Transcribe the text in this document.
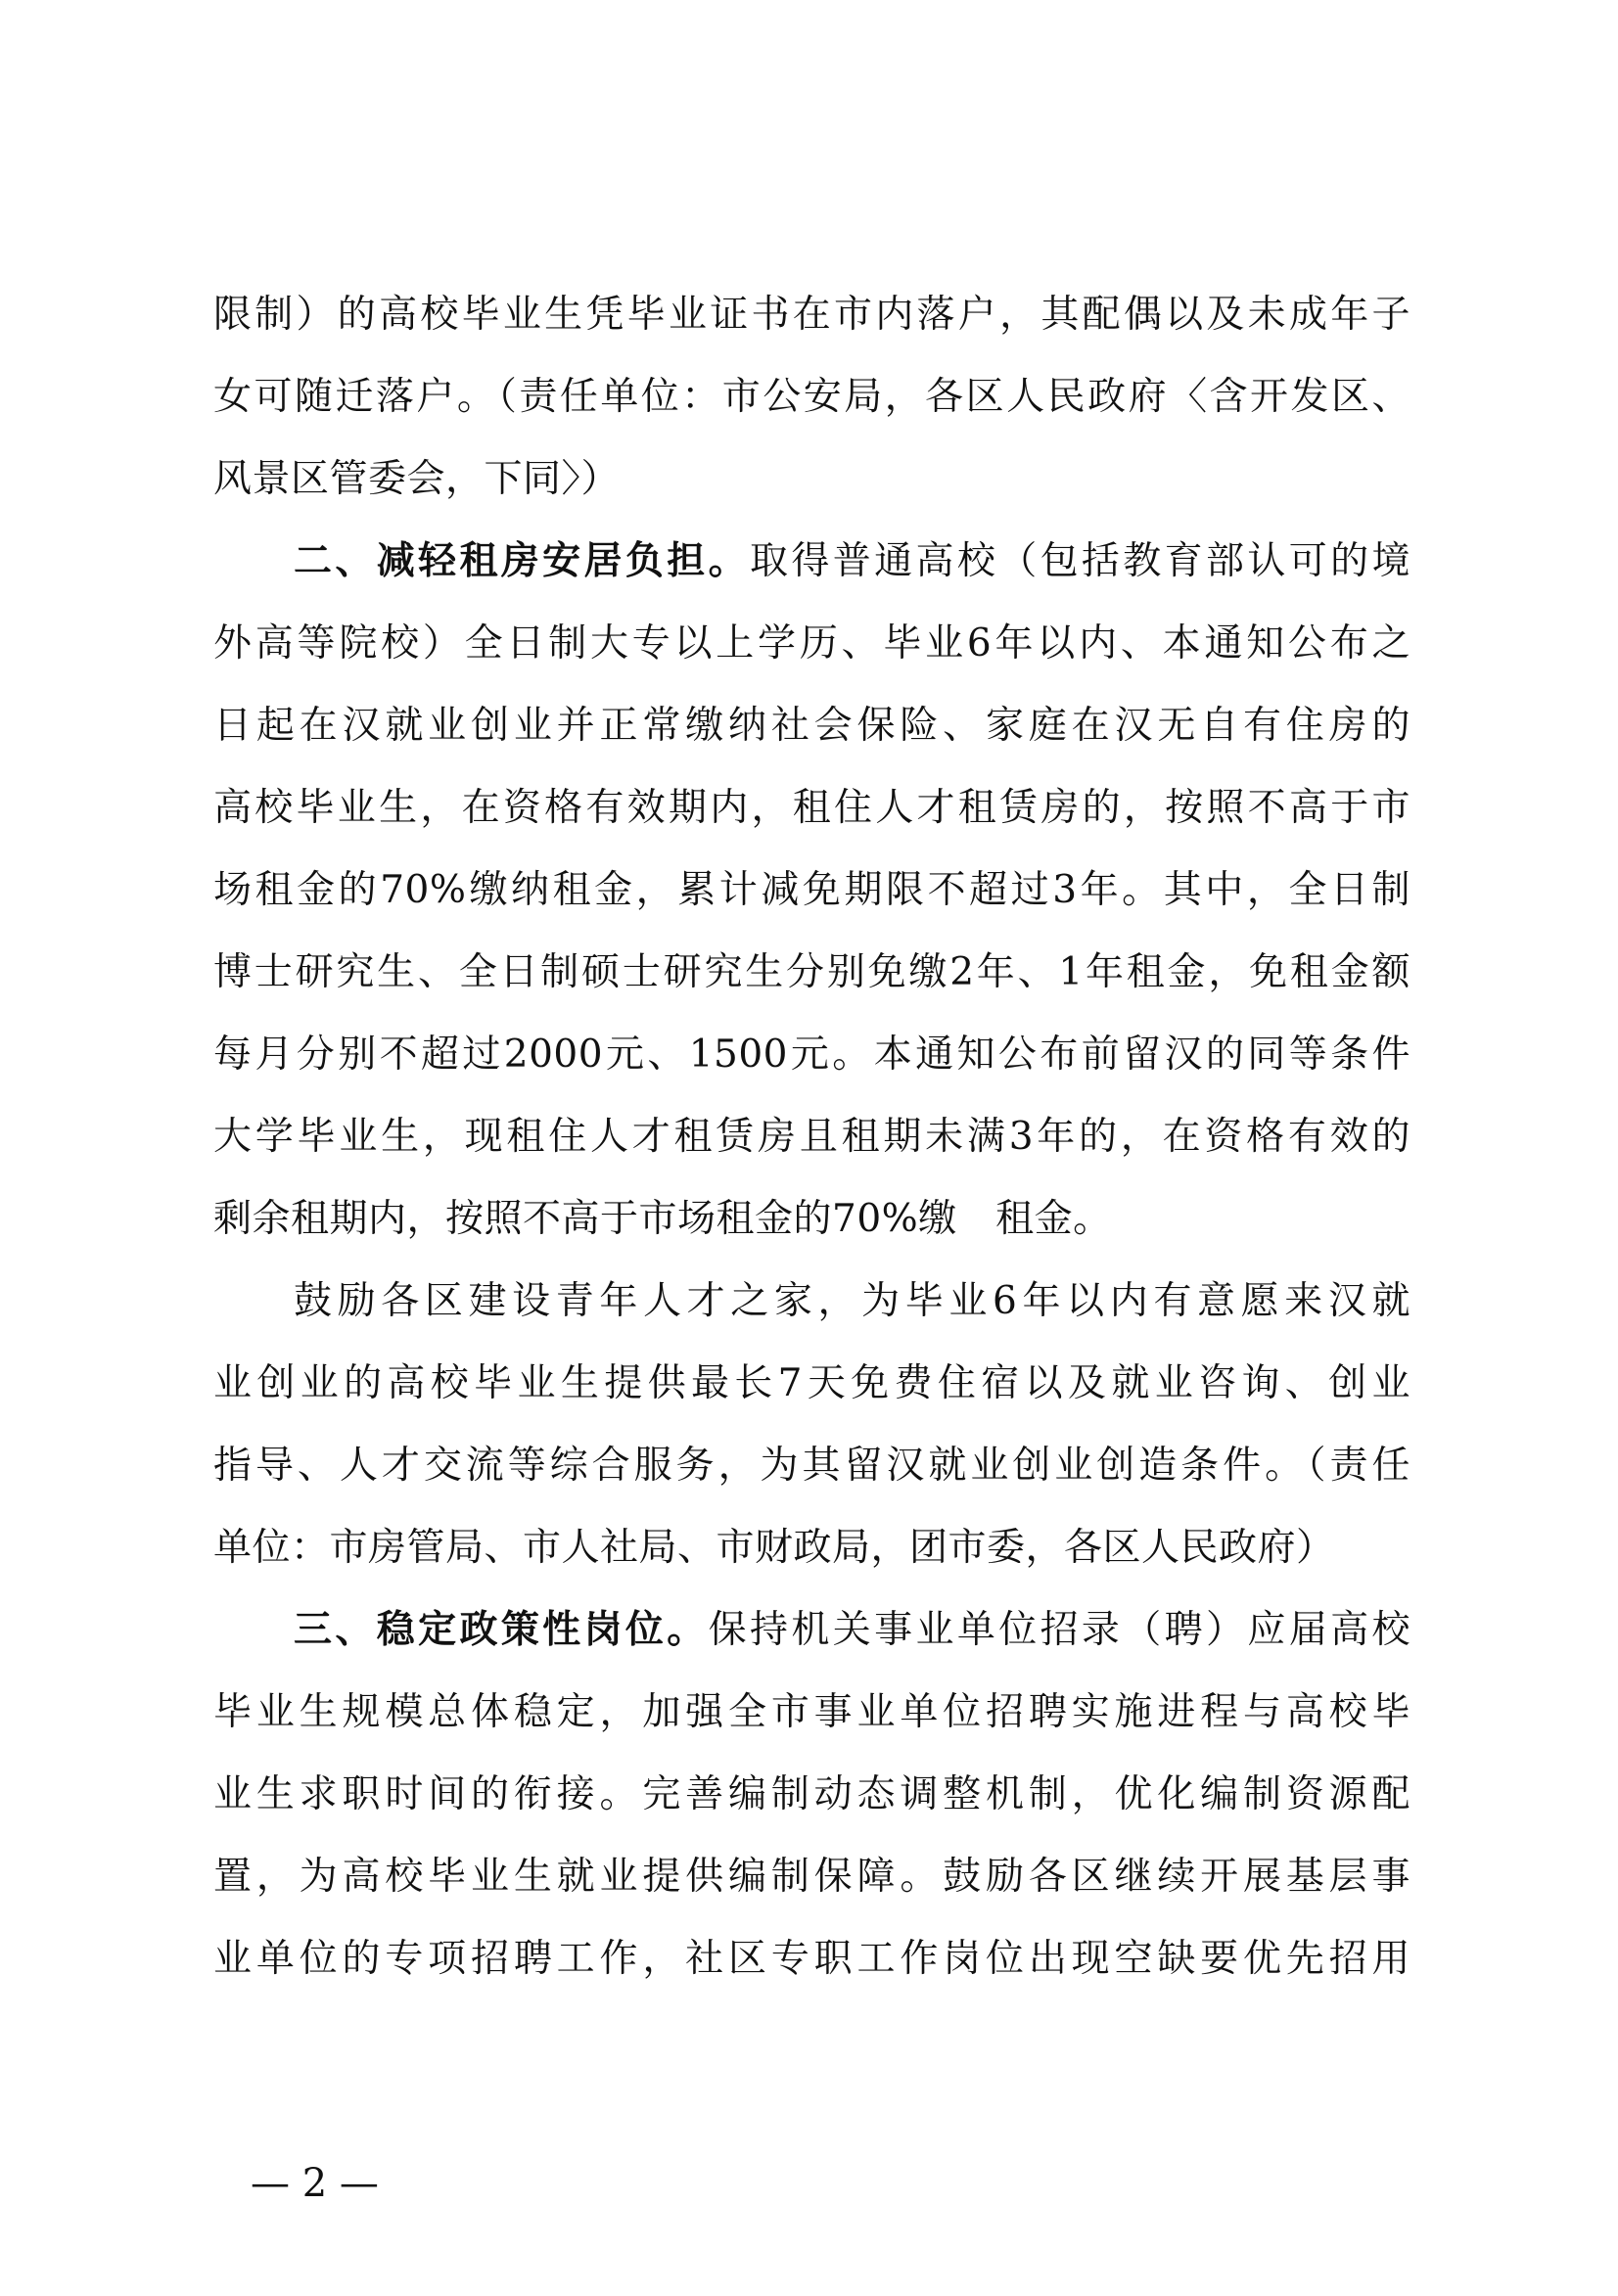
限制）的高校毕业生凭毕业证书在市内落户，其配偶以及未成年子
女可随迁落户。（责任单位：市公安局，各区人民政府〈含开发区、
风景区管委会，下同〉）
二、减轻租房安居负担。取得普通高校（包括教育部认可的境
外高等院校）全日制大专以上学历、毕业6年以内、本通知公布之
日起在汉就业创业并正常缴纳社会保险、家庭在汉无自有住房的
高校毕业生，在资格有效期内，租住人才租赁房的，按照不高于市
场租金的70%缴纳租金，累计减免期限不超过3年。其中，全日制
博士研究生、全日制硕士研究生分别免缴2年、1年租金，免租金额
每月分别不超过2000元、1500元。本通知公布前留汉的同等条件
大学毕业生，现租住人才租赁房且租期未满3年的，在资格有效的
剩余租期内，按照不高于市场租金的70%缴　租金。
鼓励各区建设青年人才之家，为毕业6年以内有意愿来汉就
业创业的高校毕业生提供最长7天免费住宿以及就业咨询、创业
指导、人才交流等综合服务，为其留汉就业创业创造条件。（责任
单位：市房管局、市人社局、市财政局，团市委，各区人民政府）
三、稳定政策性岗位。保持机关事业单位招录（聘）应届高校
毕业生规模总体稳定，加强全市事业单位招聘实施进程与高校毕
业生求职时间的衔接。完善编制动态调整机制，优化编制资源配
置，为高校毕业生就业提供编制保障。鼓励各区继续开展基层事
业单位的专项招聘工作，社区专职工作岗位出现空缺要优先招用
— 2 —
